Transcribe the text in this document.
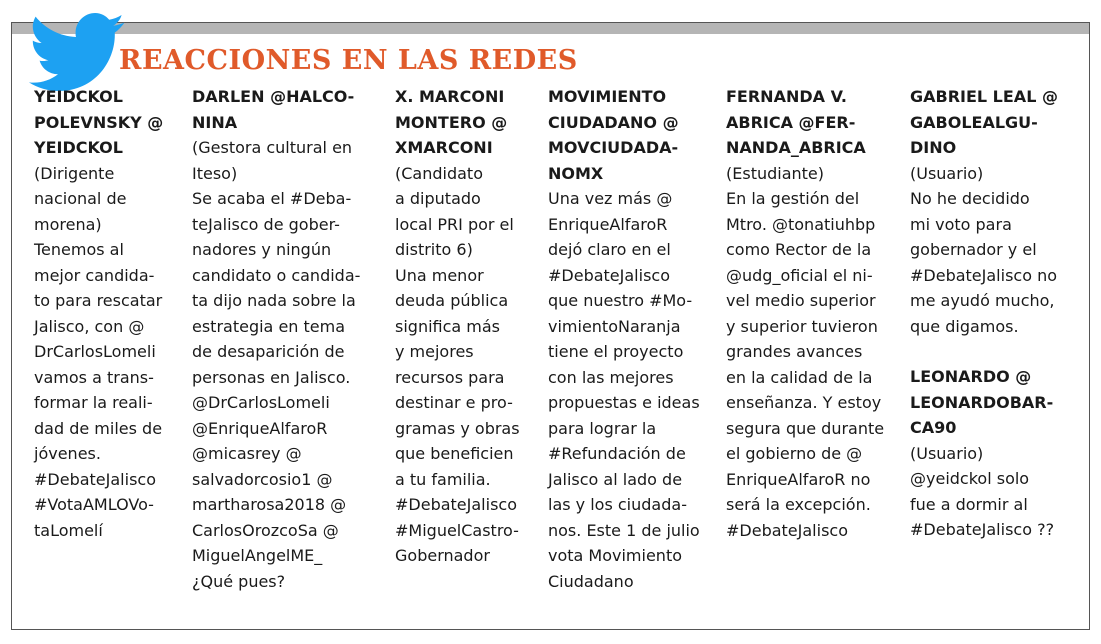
REACCIONES EN LAS REDES

YEIDCKOL
POLEVNSKY @
YEIDCKOL

(Dirigente
nacional de
morena)

Tenemos al
mejor candida-
to para rescatar
Jalisco, con @
DrCarlosLomeli
vamos a trans-
formar la reali-
dad de miles de
jóvenes.
#DebateJalisco
#VotaAMLOVo-
taLomelí

DARLEN @HALCO-
NINA

(Gestora cultural en
Iteso)

Se acaba el #Deba-
teJalisco de gober-
nadores y ningún
candidato o candida-
ta dijo nada sobre la
estrategia en tema
de desaparición de
personas en Jalisco.
@DrCarlosLomeli
@EnriqueAlfaroR
@micasrey @
salvadorcosio1 @
martharosa2018 @
CarlosOrozcoSa @
MiguelAngelME_
¿Qué pues?

X. MARCONI
MONTERO @
XMARCONI

(Candidato
a diputado
local PRI por el
distrito 6)

Una menor
deuda pública
significa más
y mejores
recursos para
destinar e pro-
gramas y obras
que beneficien
a tu familia.
#DebateJalisco
#MiguelCastro-
Gobernador

MOVIMIENTO
CIUDADANO @
MOVCIUDADA-
NOMX

Una vez más @
EnriqueAlfaroR
dejó claro en el
#DebateJalisco
que nuestro #Mo-
vimientoNaranja
tiene el proyecto
con las mejores
propuestas e ideas
para lograr la
#Refundación de
Jalisco al lado de
las y los ciudada-
nos. Este 1 de julio
vota Movimiento
Ciudadano

FERNANDA V.
ABRICA @FER-
NANDA_ABRICA

(Estudiante)

En la gestión del
Mtro. @tonatiuhbp
como Rector de la
@udg_oficial el ni-
vel medio superior
y superior tuvieron
grandes avances
en la calidad de la
enseñanza. Y estoy
segura que durante
el gobierno de @
EnriqueAlfaroR no
será la excepción.
#DebateJalisco

GABRIEL LEAL @
GABOLEALGU-
DINO

(Usuario)

No he decidido
mi voto para
gobernador y el
#DebateJalisco no
me ayudó mucho,
que digamos.

LEONARDO @
LEONARDOBAR-
CA90

(Usuario)

@yeidckol solo
fue a dormir al
#DebateJalisco ??
